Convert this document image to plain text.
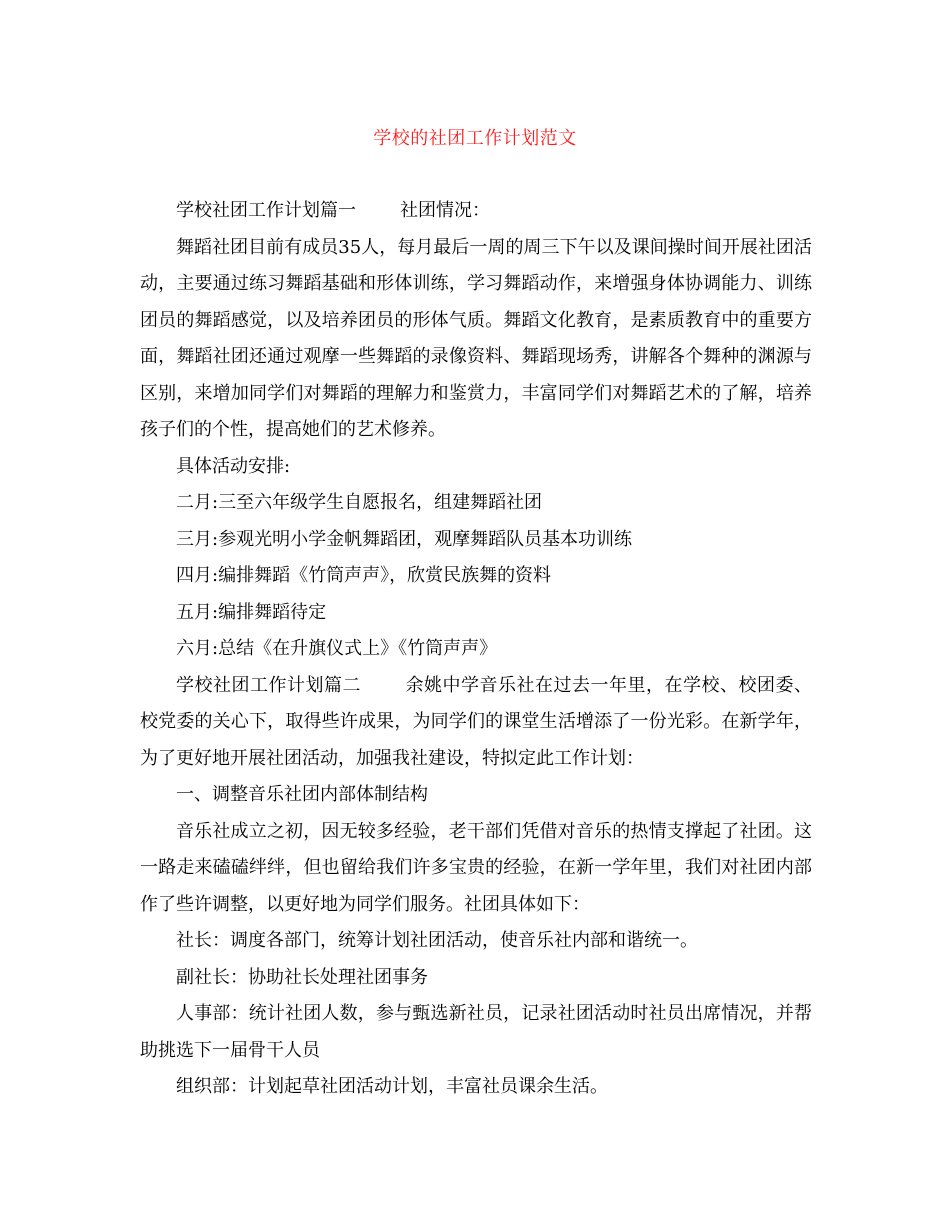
学校的社团工作计划范文

学校社团工作计划篇一 社团情况：

舞蹈社团目前有成员35人，每月最后一周的周三下午以及课间操时间开展社团活动，主要通过练习舞蹈基础和形体训练，学习舞蹈动作，来增强身体协调能力、训练团员的舞蹈感觉，以及培养团员的形体气质。舞蹈文化教育，是素质教育中的重要方面，舞蹈社团还通过观摩一些舞蹈的录像资料、舞蹈现场秀，讲解各个舞种的渊源与区别，来增加同学们对舞蹈的理解力和鉴赏力，丰富同学们对舞蹈艺术的了解，培养孩子们的个性，提高她们的艺术修养。

具体活动安排:

二月:三至六年级学生自愿报名，组建舞蹈社团

三月:参观光明小学金帆舞蹈团，观摩舞蹈队员基本功训练

四月:编排舞蹈《竹筒声声》，欣赏民族舞的资料

五月:编排舞蹈待定

六月:总结《在升旗仪式上》《竹筒声声》

学校社团工作计划篇二 余姚中学音乐社在过去一年里，在学校、校团委、校党委的关心下，取得些许成果，为同学们的课堂生活增添了一份光彩。在新学年，为了更好地开展社团活动，加强我社建设，特拟定此工作计划：

一、调整音乐社团内部体制结构

音乐社成立之初，因无较多经验，老干部们凭借对音乐的热情支撑起了社团。这一路走来磕磕绊绊，但也留给我们许多宝贵的经验，在新一学年里，我们对社团内部作了些许调整，以更好地为同学们服务。社团具体如下：

社长：调度各部门，统筹计划社团活动，使音乐社内部和谐统一。

副社长：协助社长处理社团事务

人事部：统计社团人数，参与甄选新社员，记录社团活动时社员出席情况，并帮助挑选下一届骨干人员

组织部：计划起草社团活动计划，丰富社员课余生活。
